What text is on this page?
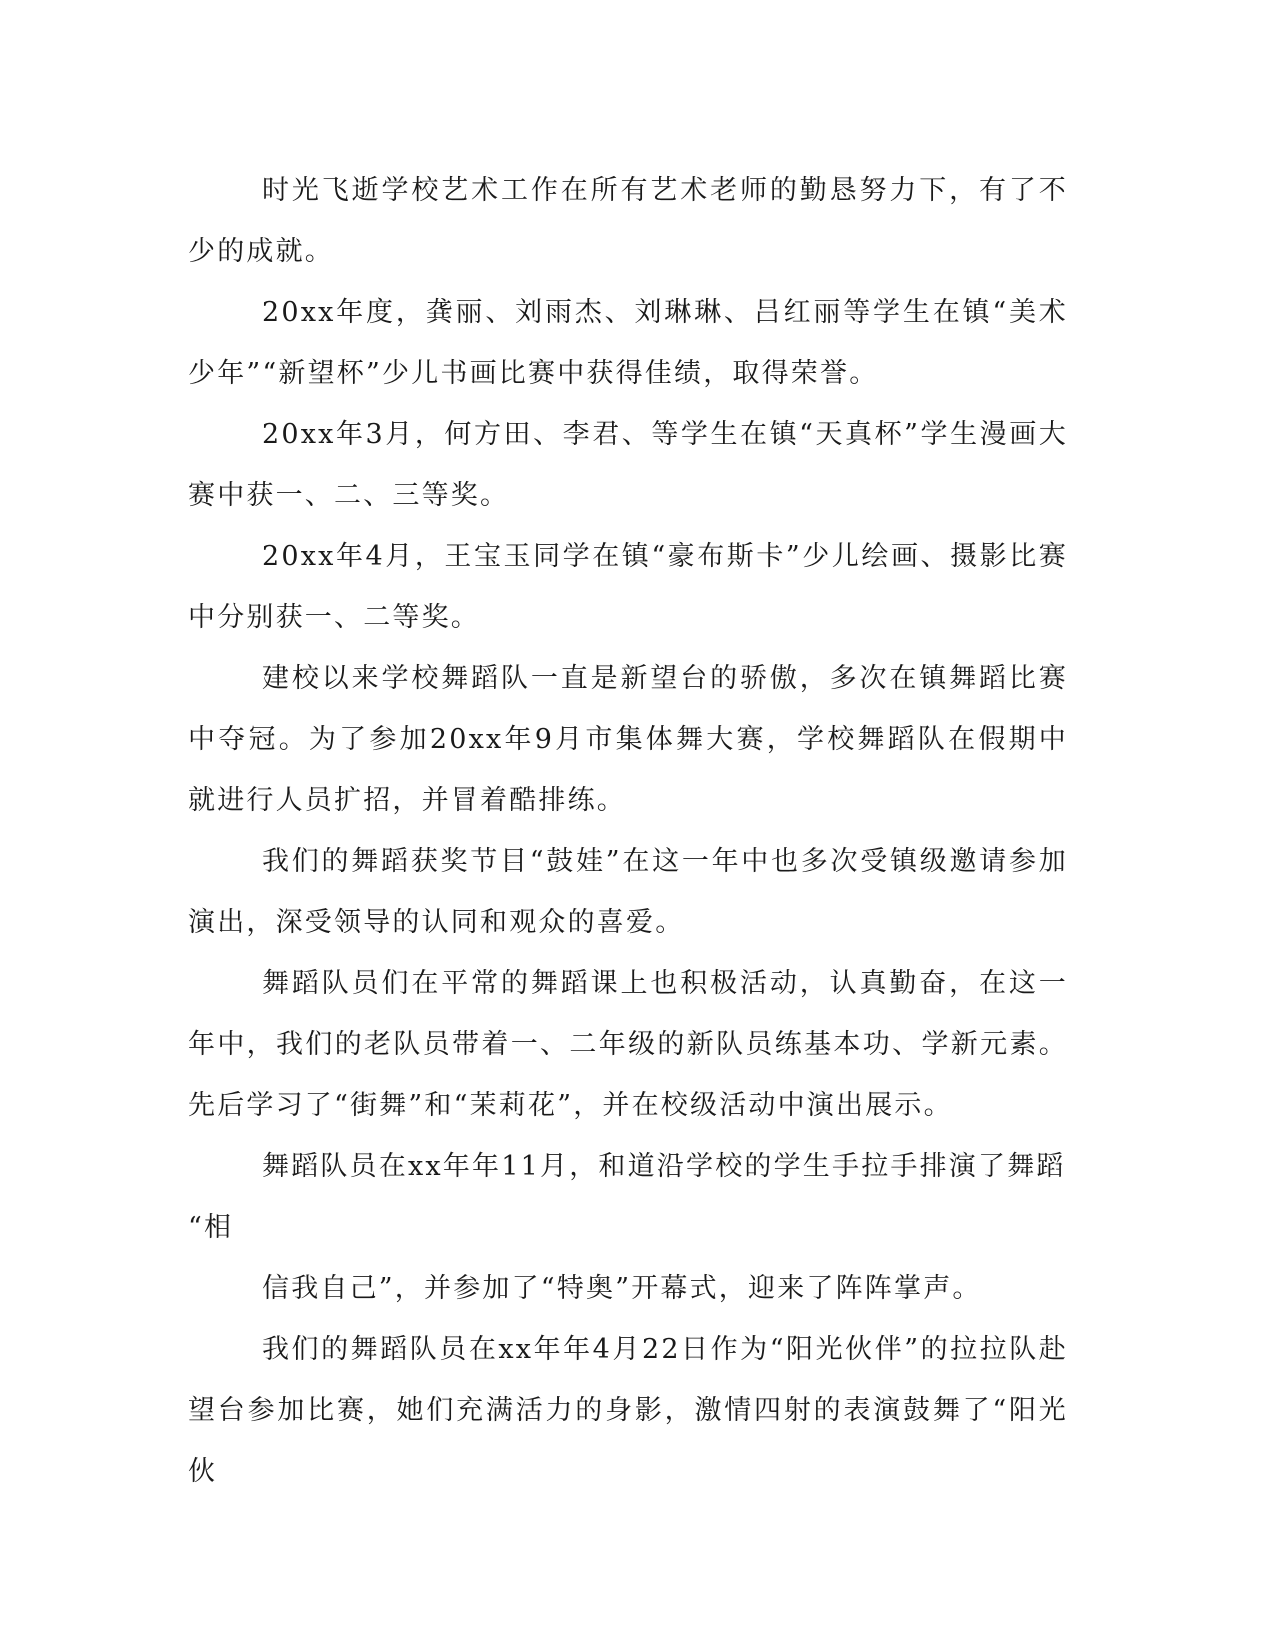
时光飞逝学校艺术工作在所有艺术老师的勤恳努力下，有了不少的成就。

20xx年度，龚丽、刘雨杰、刘琳琳、吕红丽等学生在镇“美术少年”“新望杯”少儿书画比赛中获得佳绩，取得荣誉。

20xx年3月，何方田、李君、等学生在镇“天真杯”学生漫画大赛中获一、二、三等奖。

20xx年4月，王宝玉同学在镇“豪布斯卡”少儿绘画、摄影比赛中分别获一、二等奖。

建校以来学校舞蹈队一直是新望台的骄傲，多次在镇舞蹈比赛中夺冠。为了参加20xx年9月市集体舞大赛，学校舞蹈队在假期中就进行人员扩招，并冒着酷排练。

我们的舞蹈获奖节目“鼓娃”在这一年中也多次受镇级邀请参加演出，深受领导的认同和观众的喜爱。

舞蹈队员们在平常的舞蹈课上也积极活动，认真勤奋，在这一年中，我们的老队员带着一、二年级的新队员练基本功、学新元素。先后学习了“街舞”和“茉莉花”，并在校级活动中演出展示。

舞蹈队员在xx年年11月，和道沿学校的学生手拉手排演了舞蹈

“相

信我自己”，并参加了“特奥”开幕式，迎来了阵阵掌声。

我们的舞蹈队员在xx年年4月22日作为“阳光伙伴”的拉拉队赴望台参加比赛，她们充满活力的身影，激情四射的表演鼓舞了“阳光伙
